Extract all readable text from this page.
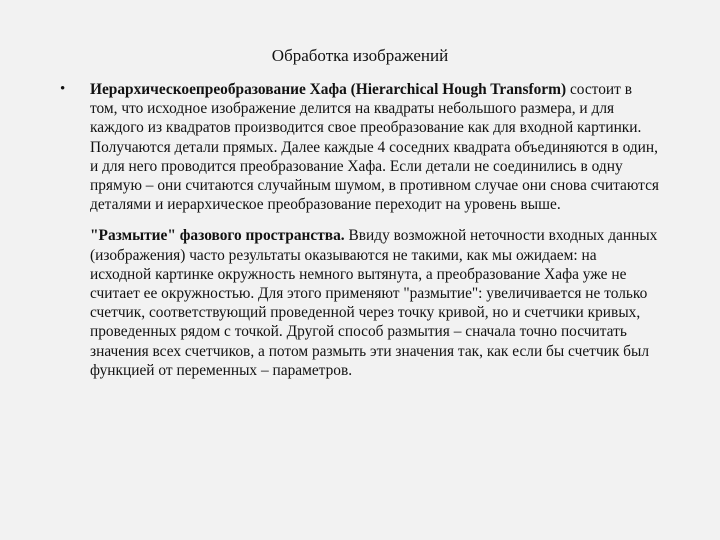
Обработка изображений
• Иерархическоепреобразование Хафа (Hierarchical Hough Transform) состоит в том, что исходное изображение делится на квадраты небольшого размера, и для каждого из квадратов производится свое преобразование как для входной картинки. Получаются детали прямых. Далее каждые 4 соседних квадрата объединяются в один, и для него проводится преобразование Хафа. Если детали не соединились в одну прямую – они считаются случайным шумом, в противном случае они снова считаются деталями и иерархическое преобразование переходит на уровень выше.

"Размытие" фазового пространства. Ввиду возможной неточности входных данных (изображения) часто результаты оказываются не такими, как мы ожидаем: на исходной картинке окружность немного вытянута, а преобразование Хафа уже не считает ее окружностью. Для этого применяют "размытие": увеличивается не только счетчик, соответствующий проведенной через точку кривой, но и счетчики кривых, проведенных рядом с точкой. Другой способ размытия – сначала точно посчитать значения всех счетчиков, а потом размыть эти значения так, как если бы счетчик был функцией от переменных – параметров.
